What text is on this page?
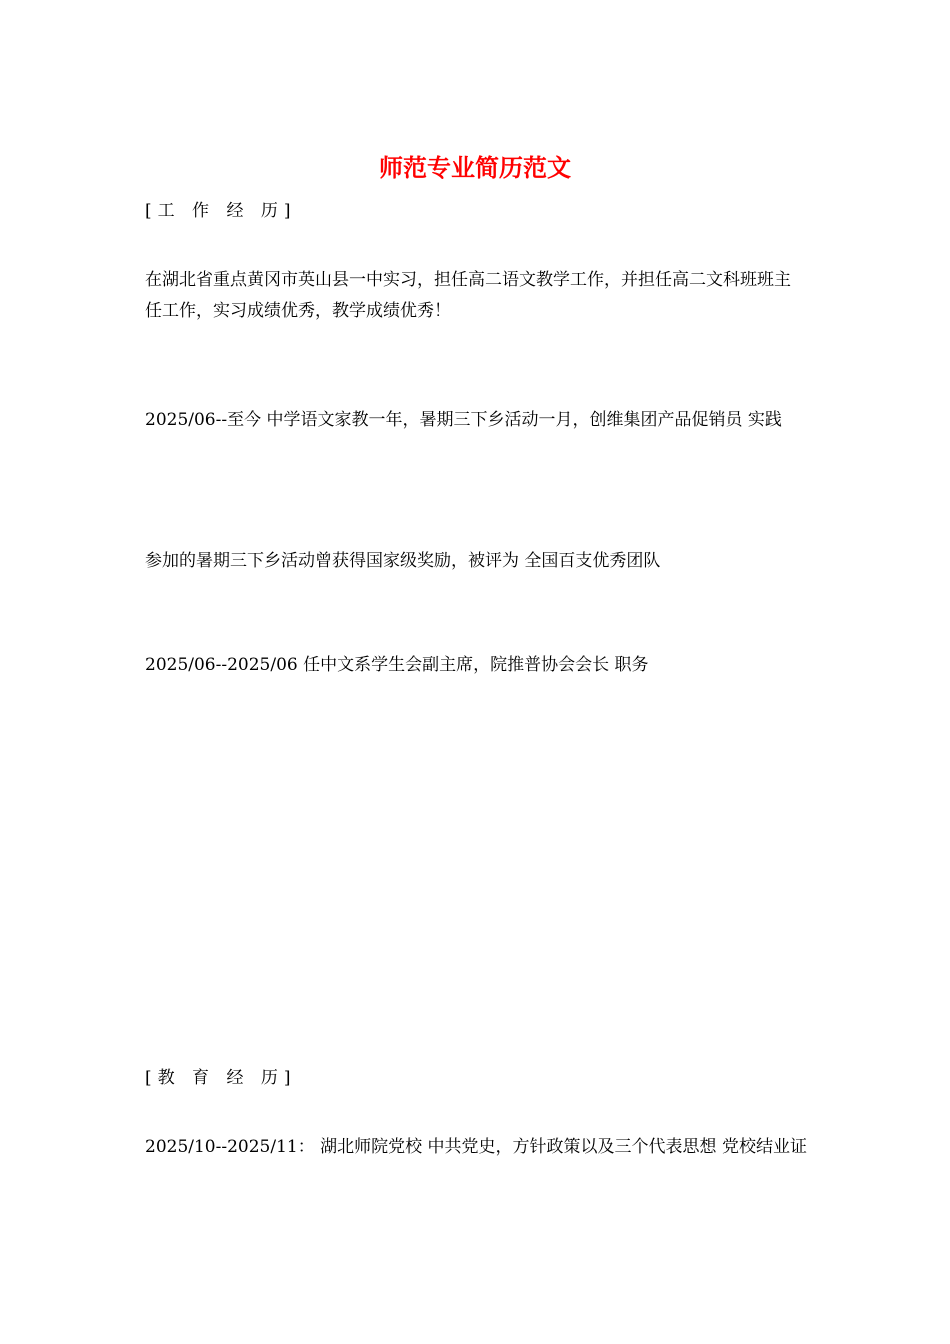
师范专业简历范文
[工 作 经 历]
在湖北省重点黄冈市英山县一中实习，担任高二语文教学工作，并担任高二文科班班主任工作，实习成绩优秀，教学成绩优秀！
2025/06--至今 中学语文家教一年，暑期三下乡活动一月，创维集团产品促销员 实践
参加的暑期三下乡活动曾获得国家级奖励，被评为 全国百支优秀团队
2025/06--2025/06 任中文系学生会副主席，院推普协会会长 职务
[教 育 经 历]
2025/10--2025/11： 湖北师院党校 中共党史，方针政策以及三个代表思想 党校结业证
